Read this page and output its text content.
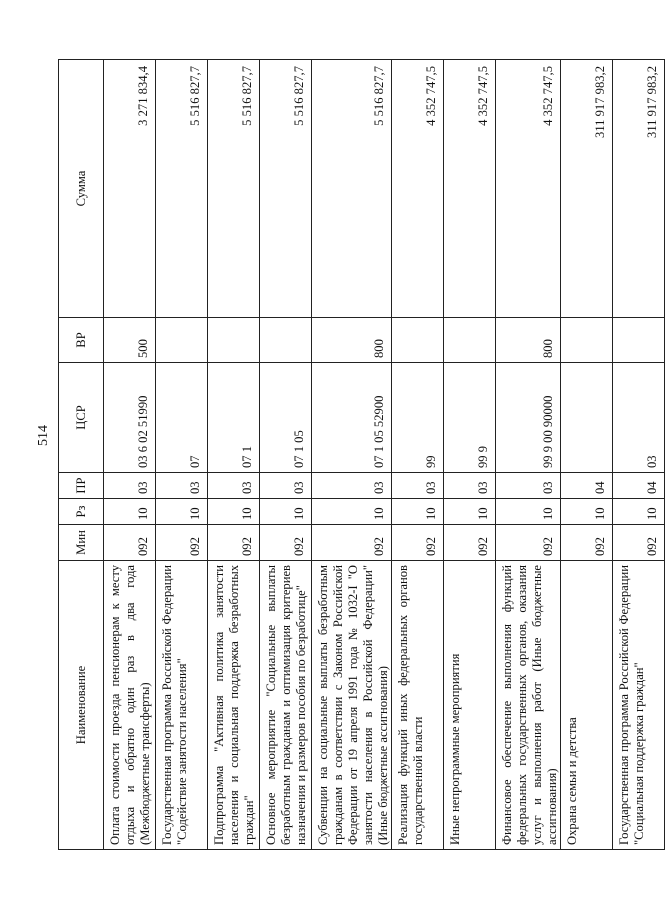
514
Наименование	Мин	Рз	ПР	ЦСР	ВР	Сумма
Оплата стоимости проезда пенсионерам к месту отдыха и обратно один раз в два года (Межбюджетные трансферты)	092	10	03	03 6 02 51990	500	3 271 834,4
Государственная программа Российской Федерации "Содействие занятости населения"	092	10	03	07		5 516 827,7
Подпрограмма "Активная политика занятости населения и социальная поддержка безработных граждан"	092	10	03	07 1		5 516 827,7
Основное мероприятие "Социальные выплаты безработным гражданам и оптимизация критериев назначения и размеров пособия по безработице"	092	10	03	07 1 05		5 516 827,7
Субвенции на социальные выплаты безработным гражданам в соответствии с Законом Российской Федерации от 19 апреля 1991 года № 1032-I "О занятости населения в Российской Федерации" (Иные бюджетные ассигнования)	092	10	03	07 1 05 52900	800	5 516 827,7
Реализация функций иных федеральных органов государственной власти	092	10	03	99		4 352 747,5
Иные непрограммные мероприятия	092	10	03	99 9		4 352 747,5
Финансовое обеспечение выполнения функций федеральных государственных органов, оказания услуг и выполнения работ (Иные бюджетные ассигнования)	092	10	03	99 9 00 90000	800	4 352 747,5
Охрана семьи и детства	092	10	04			311 917 983,2
Государственная программа Российской Федерации "Социальная поддержка граждан"	092	10	04	03		311 917 983,2
